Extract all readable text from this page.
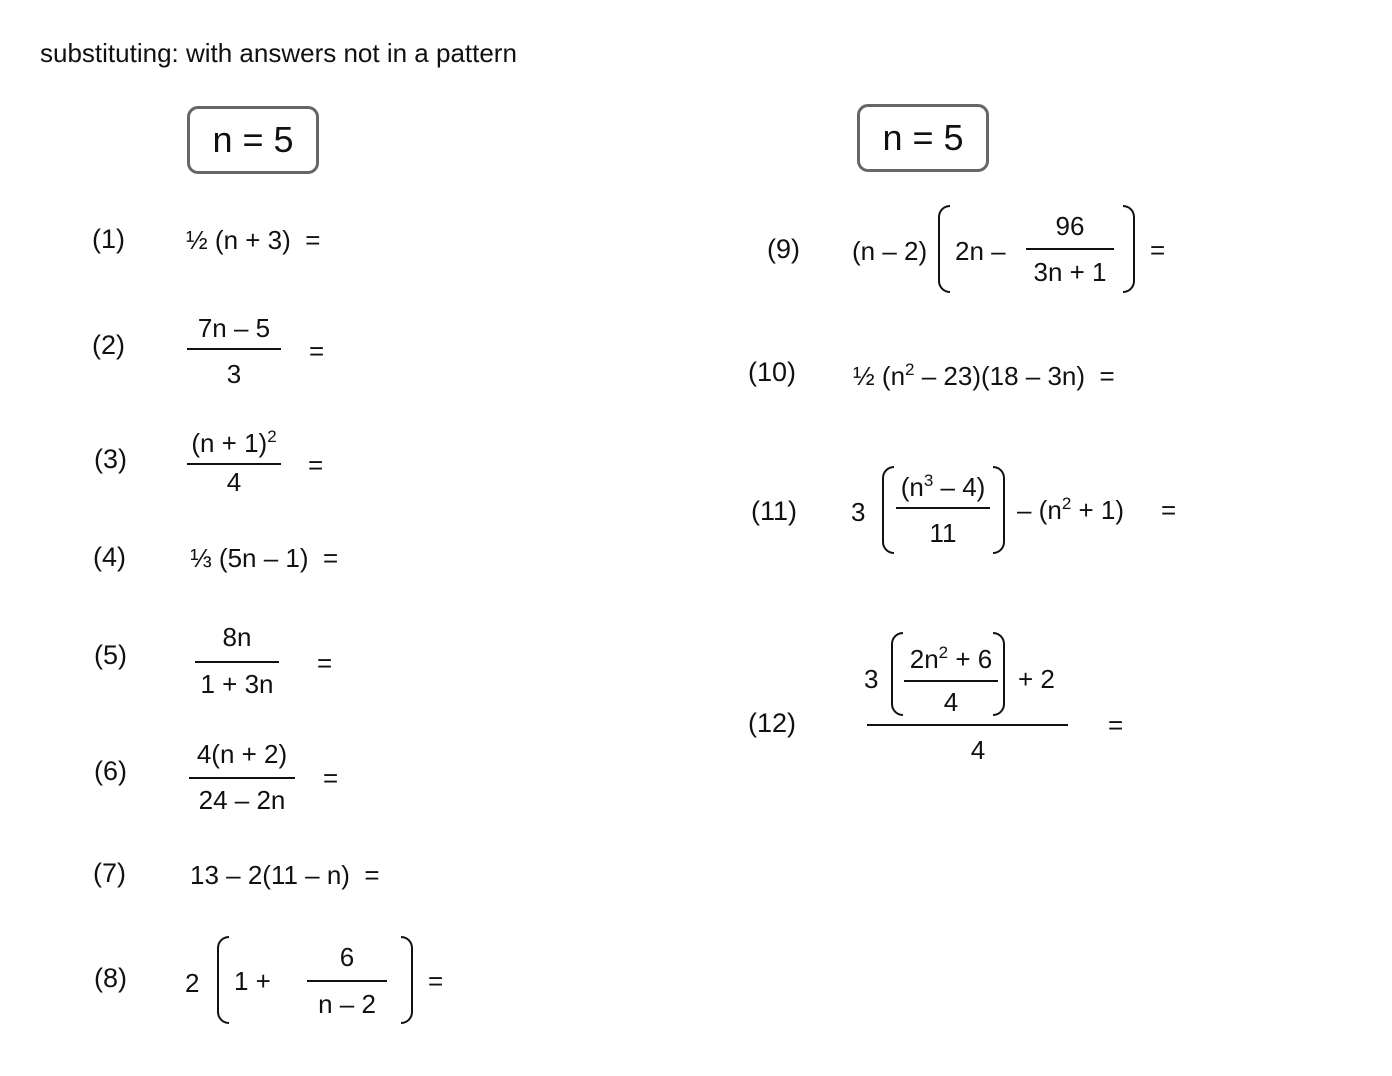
substituting: with answers not in a pattern
n = 5	n = 5
(1) ½ (n + 3) =
(2)
7n – 5
3
=
(3)
$(n + 1)^2$
4
=
(4) ⅓ (5n – 1) =
(5)
8n
1 + 3n
=
(6)
4(n + 2)
24 – 2n
=
(7) 13 – 2(11 – n) =
(8) 2 1 +
6
n – 2
=
(9) (n – 2) 2n –
96
3n + 1
=
(10) ½ $(n^2 - 23)(18 - 3n)$ =
(11) 3
$(n^3 - 4)$
11
– $(n^2 + 1)$ =
(12)
3
$2n^2 + 6$
4
+ 2
4
=
